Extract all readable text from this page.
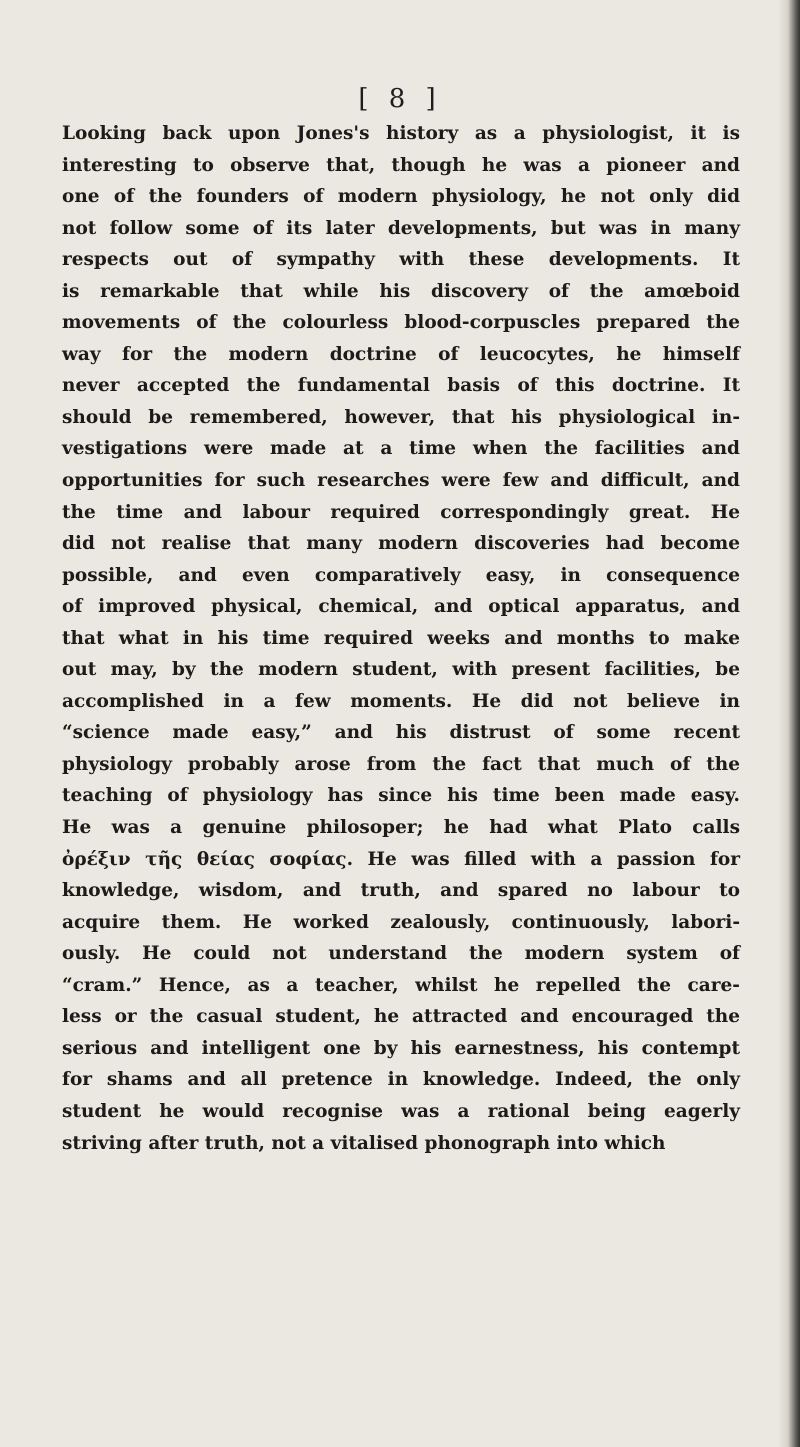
[ 8 ]
Looking back upon Jones's history as a physiologist, it is
interesting to observe that, though he was a pioneer and
one of the founders of modern physiology, he not only did
not follow some of its later developments, but was in many
respects out of sympathy with these developments. It
is remarkable that while his discovery of the amœboid
movements of the colourless blood-corpuscles prepared the
way for the modern doctrine of leucocytes, he himself
never accepted the fundamental basis of this doctrine. It
should be remembered, however, that his physiological in-
vestigations were made at a time when the facilities and
opportunities for such researches were few and difficult, and
the time and labour required correspondingly great. He
did not realise that many modern discoveries had become
possible, and even comparatively easy, in consequence
of improved physical, chemical, and optical apparatus, and
that what in his time required weeks and months to make
out may, by the modern student, with present facilities, be
accomplished in a few moments. He did not believe in
“science made easy,” and his distrust of some recent
physiology probably arose from the fact that much of the
teaching of physiology has since his time been made easy.
He was a genuine philosoper; he had what Plato calls
ὀρέξιν τῆς θείας σοφίας. He was filled with a passion for
knowledge, wisdom, and truth, and spared no labour to
acquire them. He worked zealously, continuously, labori-
ously. He could not understand the modern system of
“cram.” Hence, as a teacher, whilst he repelled the care-
less or the casual student, he attracted and encouraged the
serious and intelligent one by his earnestness, his contempt
for shams and all pretence in knowledge. Indeed, the only
student he would recognise was a rational being eagerly
striving after truth, not a vitalised phonograph into which
